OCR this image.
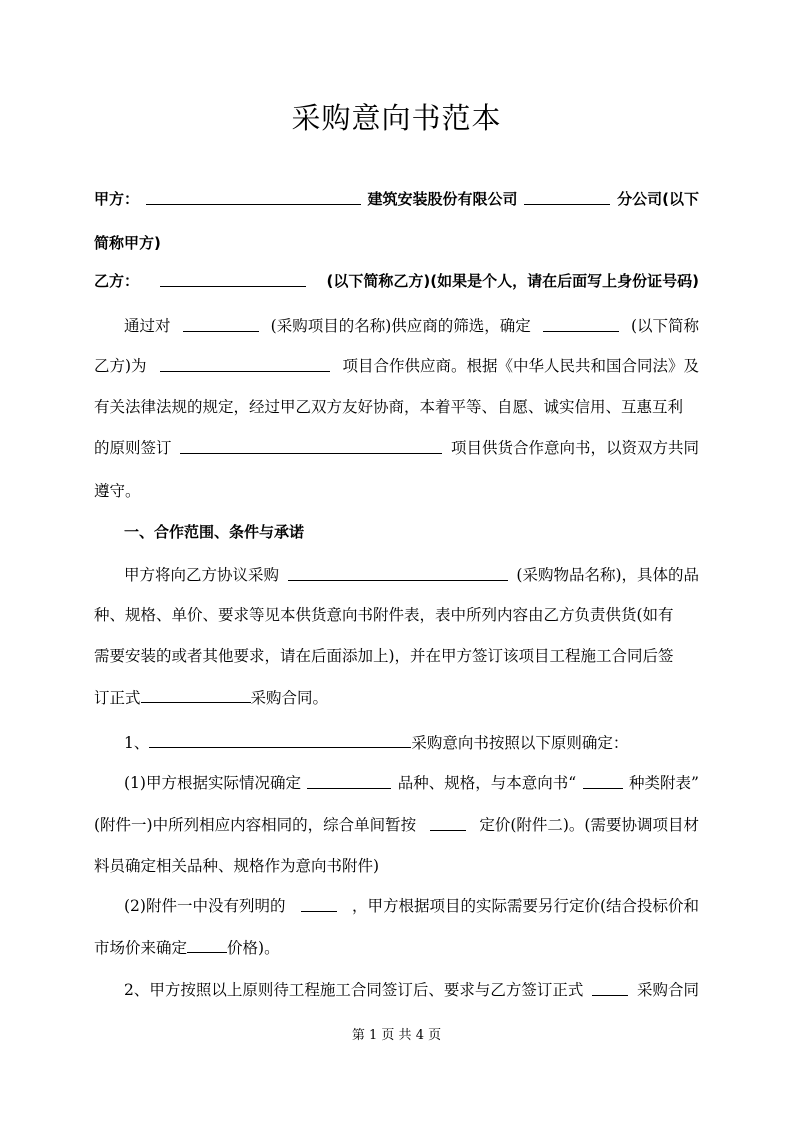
采购意向书范本
甲方：	建筑安装股份有限公司	分公司(以下
简称甲方)
乙方：	(以下简称乙方)(如果是个人，请在后面写上身份证号码)
通过对	(采购项目的名称)供应商的筛选，确定	(以下简称
乙方)为	项目合作供应商。根据《中华人民共和国合同法》及
有关法律法规的规定，经过甲乙双方友好协商，本着平等、自愿、诚实信用、互惠互利
的原则签订	项目供货合作意向书，以资双方共同
遵守。
一、合作范围、条件与承诺
甲方将向乙方协议采购	(采购物品名称)，具体的品
种、规格、单价、要求等见本供货意向书附件表，表中所列内容由乙方负责供货(如有
需要安装的或者其他要求，请在后面添加上)，并在甲方签订该项目工程施工合同后签
订正式	采购合同。
1、	采购意向书按照以下原则确定：
(1)甲方根据实际情况确定	品种、规格，与本意向书“	种类附表”
(附件一)中所列相应内容相同的，综合单间暂按	定价(附件二)。(需要协调项目材
料员确定相关品种、规格作为意向书附件)
(2)附件一中没有列明的	，甲方根据项目的实际需要另行定价(结合投标价和
市场价来确定	价格)。
2、甲方按照以上原则待工程施工合同签订后、要求与乙方签订正式	采购合同
第 1 页 共 4 页
